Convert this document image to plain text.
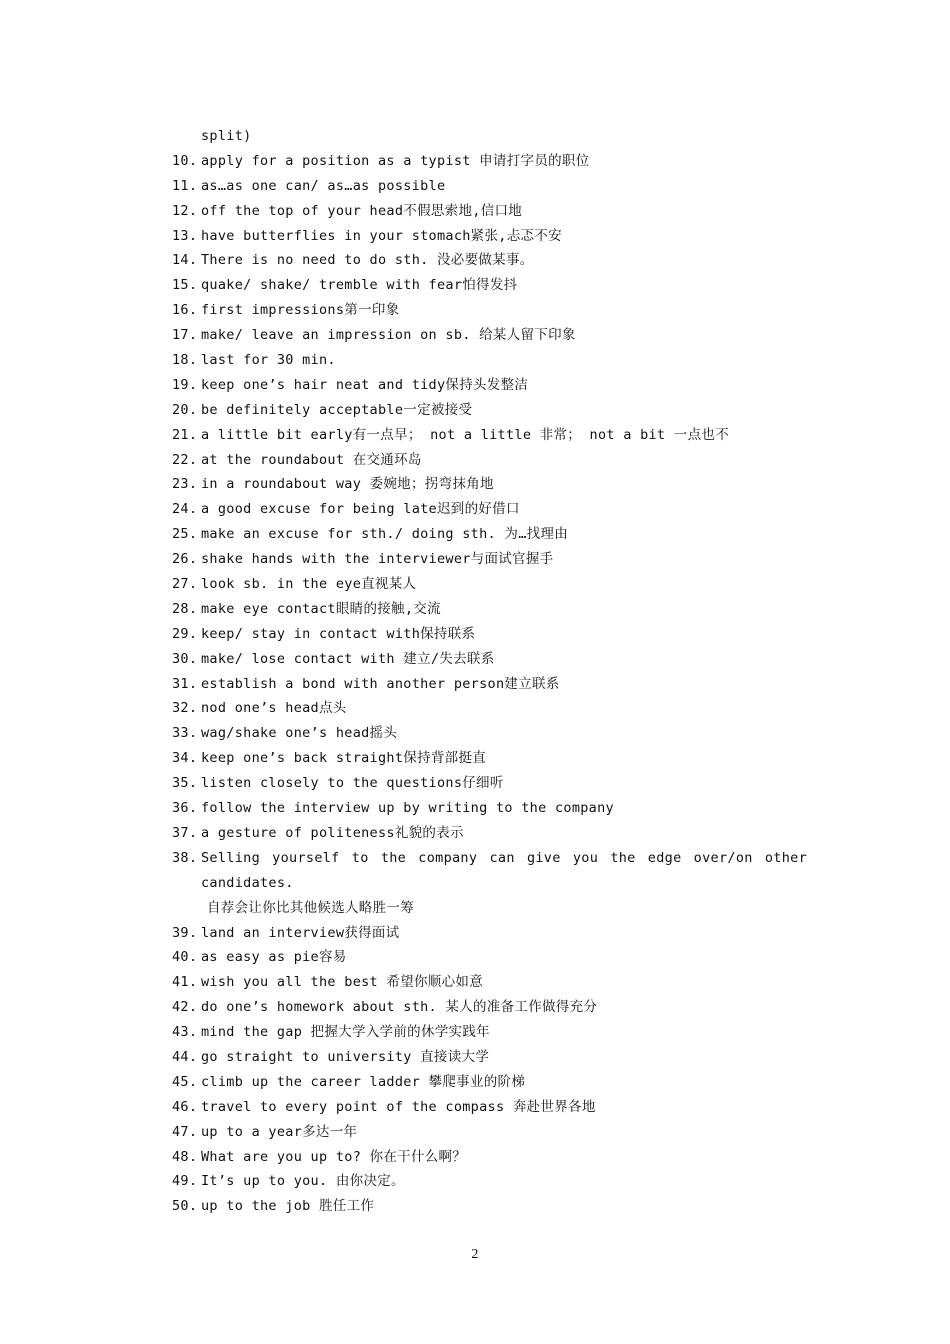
split)
10. apply for a position as a typist 申请打字员的职位
11. as…as one can/ as…as possible
12. off the top of your head不假思索地,信口地
13. have butterflies in your stomach紧张,忐忑不安
14. There is no need to do sth. 没必要做某事。
15. quake/ shake/ tremble with fear怕得发抖
16. first impressions第一印象
17. make/ leave an impression on sb. 给某人留下印象
18. last for 30 min.
19. keep one’s hair neat and tidy保持头发整洁
20. be definitely acceptable一定被接受
21. a little bit early有一点早； not a little 非常； not a bit 一点也不
22. at the roundabout 在交通环岛
23. in a roundabout way 委婉地；拐弯抹角地
24. a good excuse for being late迟到的好借口
25. make an excuse for sth./ doing sth. 为…找理由
26. shake hands with the interviewer与面试官握手
27. look sb. in the eye直视某人
28. make eye contact眼睛的接触,交流
29. keep/ stay in contact with保持联系
30. make/ lose contact with 建立/失去联系
31. establish a bond with another person建立联系
32. nod one’s head点头
33. wag/shake one’s head摇头
34. keep one’s back straight保持背部挺直
35. listen closely to the questions仔细听
36. follow the interview up by writing to the company
37. a gesture of politeness礼貌的表示
38. Selling yourself to the company can give you the edge over/on other
candidates.
自荐会让你比其他候选人略胜一筹
39. land an interview获得面试
40. as easy as pie容易
41. wish you all the best 希望你顺心如意
42. do one’s homework about sth. 某人的准备工作做得充分
43. mind the gap 把握大学入学前的休学实践年
44. go straight to university 直接读大学
45. climb up the career ladder 攀爬事业的阶梯
46. travel to every point of the compass 奔赴世界各地
47. up to a year多达一年
48. What are you up to? 你在干什么啊？
49. It’s up to you. 由你决定。
50. up to the job 胜任工作
2
